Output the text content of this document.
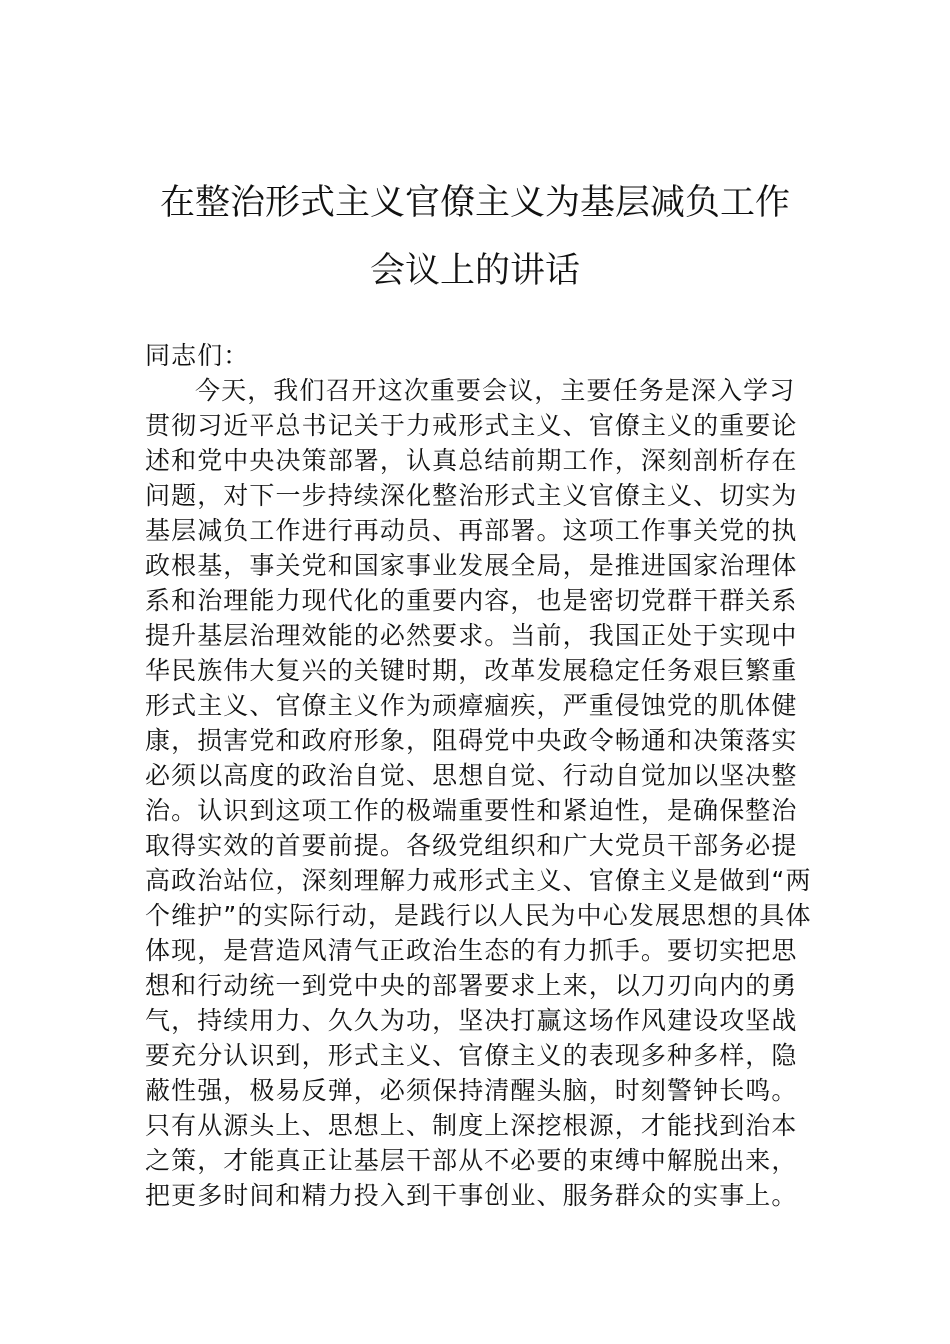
在整治形式主义官僚主义为基层减负工作
会议上的讲话
同志们：
今天，我们召开这次重要会议，主要任务是深入学习
贯彻习近平总书记关于力戒形式主义、官僚主义的重要论
述和党中央决策部署，认真总结前期工作，深刻剖析存在
问题，对下一步持续深化整治形式主义官僚主义、切实为
基层减负工作进行再动员、再部署。这项工作事关党的执
政根基，事关党和国家事业发展全局，是推进国家治理体
系和治理能力现代化的重要内容，也是密切党群干群关系
提升基层治理效能的必然要求。当前，我国正处于实现中
华民族伟大复兴的关键时期，改革发展稳定任务艰巨繁重
形式主义、官僚主义作为顽瘴痼疾，严重侵蚀党的肌体健
康，损害党和政府形象，阻碍党中央政令畅通和决策落实
必须以高度的政治自觉、思想自觉、行动自觉加以坚决整
治。认识到这项工作的极端重要性和紧迫性，是确保整治
取得实效的首要前提。各级党组织和广大党员干部务必提
高政治站位，深刻理解力戒形式主义、官僚主义是做到“两
个维护”的实际行动，是践行以人民为中心发展思想的具体
体现，是营造风清气正政治生态的有力抓手。要切实把思
想和行动统一到党中央的部署要求上来，以刀刃向内的勇
气，持续用力、久久为功，坚决打赢这场作风建设攻坚战
要充分认识到，形式主义、官僚主义的表现多种多样，隐
蔽性强，极易反弹，必须保持清醒头脑，时刻警钟长鸣。
只有从源头上、思想上、制度上深挖根源，才能找到治本
之策，才能真正让基层干部从不必要的束缚中解脱出来，
把更多时间和精力投入到干事创业、服务群众的实事上。
